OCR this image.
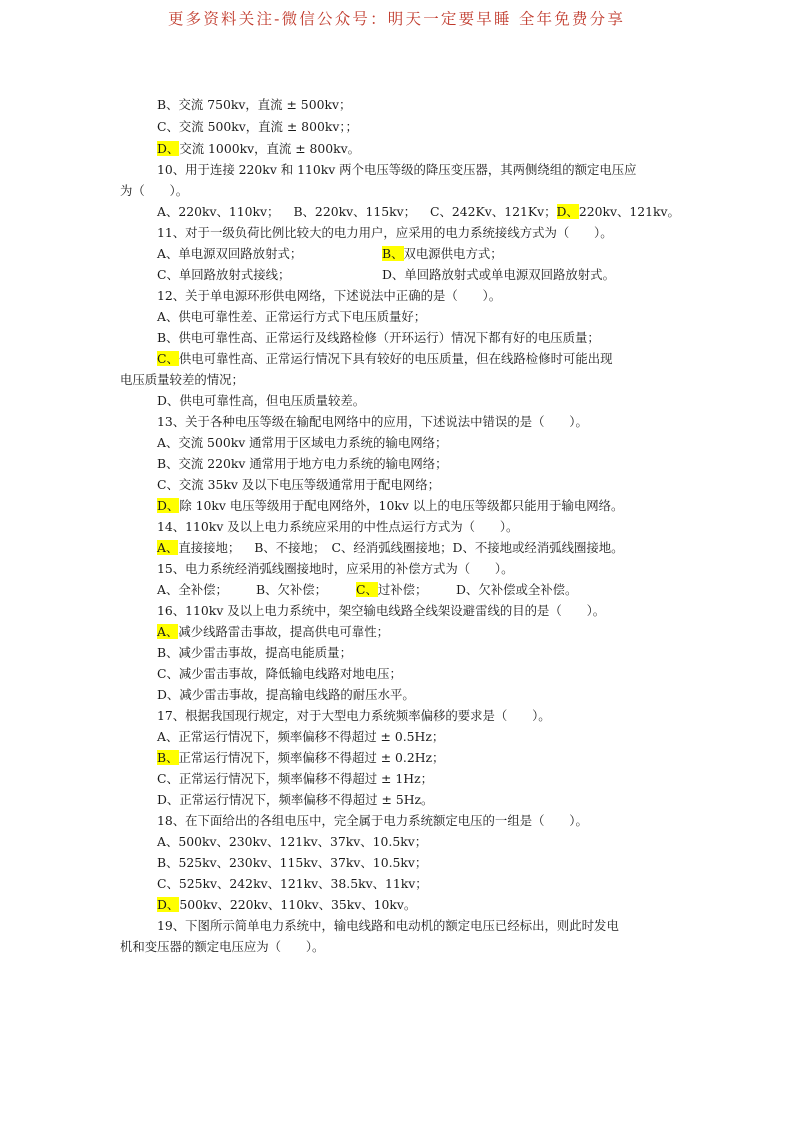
更多资料关注-微信公众号：明天一定要早睡 全年免费分享
B、交流 750kv，直流 ± 500kv；
C、交流 500kv，直流 ± 800kv；；
D、交流 1000kv，直流 ± 800kv。
10、用于连接 220kv 和 110kv 两个电压等级的降压变压器，其两侧绕组的额定电压应
为（　　）。
A、220kv、110kv； B、220kv、115kv； C、242Kv、121Kv；D、220kv、121kv。
11、对于一级负荷比例比较大的电力用户，应采用的电力系统接线方式为（　　）。
A、单电源双回路放射式；	B、双电源供电方式；
C、单回路放射式接线；	D、单回路放射式或单电源双回路放射式。
12、关于单电源环形供电网络，下述说法中正确的是（　　）。
A、供电可靠性差、正常运行方式下电压质量好；
B、供电可靠性高、正常运行及线路检修（开环运行）情况下都有好的电压质量；
C、供电可靠性高、正常运行情况下具有较好的电压质量，但在线路检修时可能出现
电压质量较差的情况；
D、供电可靠性高，但电压质量较差。
13、关于各种电压等级在输配电网络中的应用，下述说法中错误的是（　　）。
A、交流 500kv 通常用于区域电力系统的输电网络；
B、交流 220kv 通常用于地方电力系统的输电网络；
C、交流 35kv 及以下电压等级通常用于配电网络；
D、除 10kv 电压等级用于配电网络外，10kv 以上的电压等级都只能用于输电网络。
14、110kv 及以上电力系统应采用的中性点运行方式为（　　）。
A、直接接地； B、不接地；　C、经消弧线圈接地；D、不接地或经消弧线圈接地。
15、电力系统经消弧线圈接地时，应采用的补偿方式为（　　）。
A、全补偿； B、欠补偿； C、过补偿； D、欠补偿或全补偿。
16、110kv 及以上电力系统中，架空输电线路全线架设避雷线的目的是（　　）。
A、减少线路雷击事故，提高供电可靠性；
B、减少雷击事故，提高电能质量；
C、减少雷击事故，降低输电线路对地电压；
D、减少雷击事故，提高输电线路的耐压水平。
17、根据我国现行规定，对于大型电力系统频率偏移的要求是（　　）。
A、正常运行情况下，频率偏移不得超过 ± 0.5Hz；
B、正常运行情况下，频率偏移不得超过 ± 0.2Hz；
C、正常运行情况下，频率偏移不得超过 ± 1Hz；
D、正常运行情况下，频率偏移不得超过 ± 5Hz。
18、在下面给出的各组电压中，完全属于电力系统额定电压的一组是（　　）。
A、500kv、230kv、121kv、37kv、10.5kv；
B、525kv、230kv、115kv、37kv、10.5kv；
C、525kv、242kv、121kv、38.5kv、11kv；
D、500kv、220kv、110kv、35kv、10kv。
19、下图所示简单电力系统中，输电线路和电动机的额定电压已经标出，则此时发电
机和变压器的额定电压应为（　　）。
